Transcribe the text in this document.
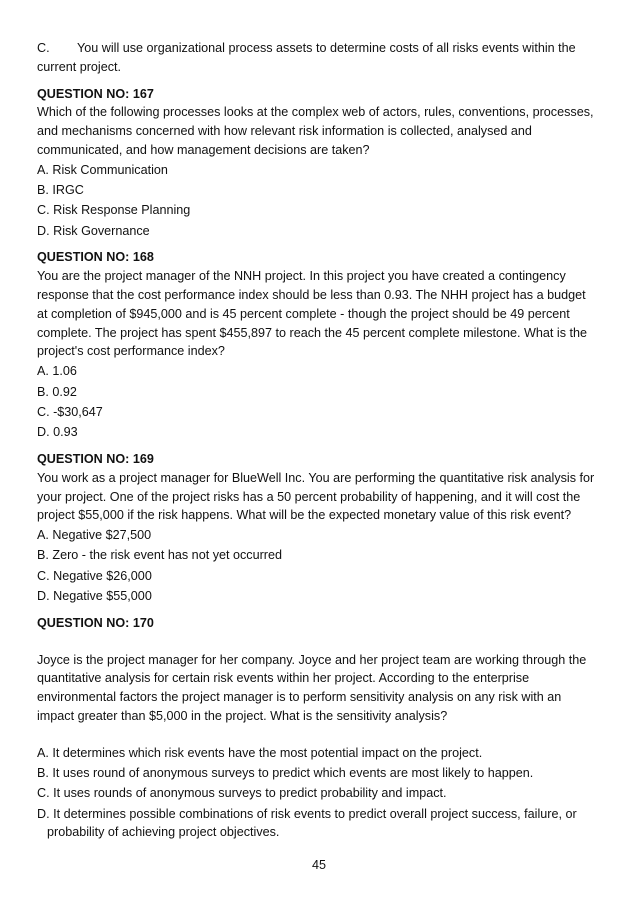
C. You will use organizational process assets to determine costs of all risks events within the current project.

QUESTION NO: 167

Which of the following processes looks at the complex web of actors, rules, conventions, processes, and mechanisms concerned with how relevant risk information is collected, analysed and communicated, and how management decisions are taken?

A. Risk Communication
B. IRGC
C. Risk Response Planning
D. Risk Governance
QUESTION NO: 168

You are the project manager of the NNH project. In this project you have created a contingency response that the cost performance index should be less than 0.93. The NHH project has a budget at completion of $945,000 and is 45 percent complete - though the project should be 49 percent complete. The project has spent $455,897 to reach the 45 percent complete milestone. What is the project's cost performance index?

A. 1.06
B. 0.92
C. -$30,647
D. 0.93
QUESTION NO: 169

You work as a project manager for BlueWell Inc. You are performing the quantitative risk analysis for your project. One of the project risks has a 50 percent probability of happening, and it will cost the project $55,000 if the risk happens. What will be the expected monetary value of this risk event?

A. Negative $27,500
B. Zero - the risk event has not yet occurred
C. Negative $26,000
D. Negative $55,000
QUESTION NO: 170

Joyce is the project manager for her company. Joyce and her project team are working through the quantitative analysis for certain risk events within her project. According to the enterprise environmental factors the project manager is to perform sensitivity analysis on any risk with an impact greater than $5,000 in the project. What is the sensitivity analysis?

A. It determines which risk events have the most potential impact on the project.
B. It uses round of anonymous surveys to predict which events are most likely to happen.
C. It uses rounds of anonymous surveys to predict probability and impact.
D. It determines possible combinations of risk events to predict overall project success, failure, or probability of achieving project objectives.
45
